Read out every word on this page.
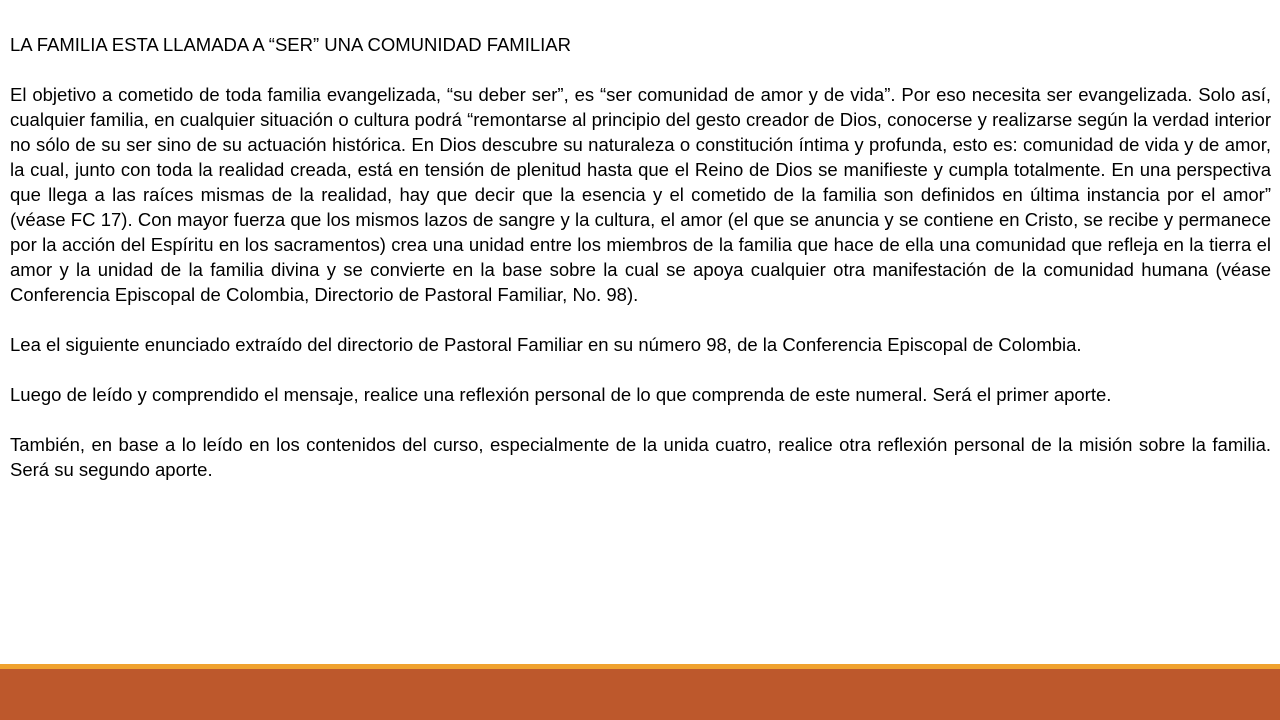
LA FAMILIA ESTA LLAMADA A “SER” UNA COMUNIDAD FAMILIAR

El objetivo a cometido de toda familia evangelizada, “su deber ser”, es “ser comunidad de amor y de vida”. Por eso necesita ser evangelizada. Solo así, cualquier familia, en cualquier situación o cultura podrá “remontarse al principio del gesto creador de Dios, conocerse y realizarse según la verdad interior no sólo de su ser sino de su actuación histórica. En Dios descubre su naturaleza o constitución íntima y profunda, esto es: comunidad de vida y de amor, la cual, junto con toda la realidad creada, está en tensión de plenitud hasta que el Reino de Dios se manifieste y cumpla totalmente. En una perspectiva que llega a las raíces mismas de la realidad, hay que decir que la esencia y el cometido de la familia son definidos en última instancia por el amor” (véase FC 17). Con mayor fuerza que los mismos lazos de sangre y la cultura, el amor (el que se anuncia y se contiene en Cristo, se recibe y permanece por la acción del Espíritu en los sacramentos) crea una unidad entre los miembros de la familia que hace de ella una comunidad que refleja en la tierra el amor y la unidad de la familia divina y se convierte en la base sobre la cual se apoya cualquier otra manifestación de la comunidad humana (véase Conferencia Episcopal de Colombia, Directorio de Pastoral Familiar, No. 98).

Lea el siguiente enunciado extraído del directorio de Pastoral Familiar en su número 98, de la Conferencia Episcopal de Colombia.

Luego de leído y comprendido el mensaje, realice una reflexión personal de lo que comprenda de este numeral. Será el primer aporte.

También, en base a lo leído en los contenidos del curso, especialmente de la unida cuatro, realice otra reflexión personal de la misión sobre la familia. Será su segundo aporte.
